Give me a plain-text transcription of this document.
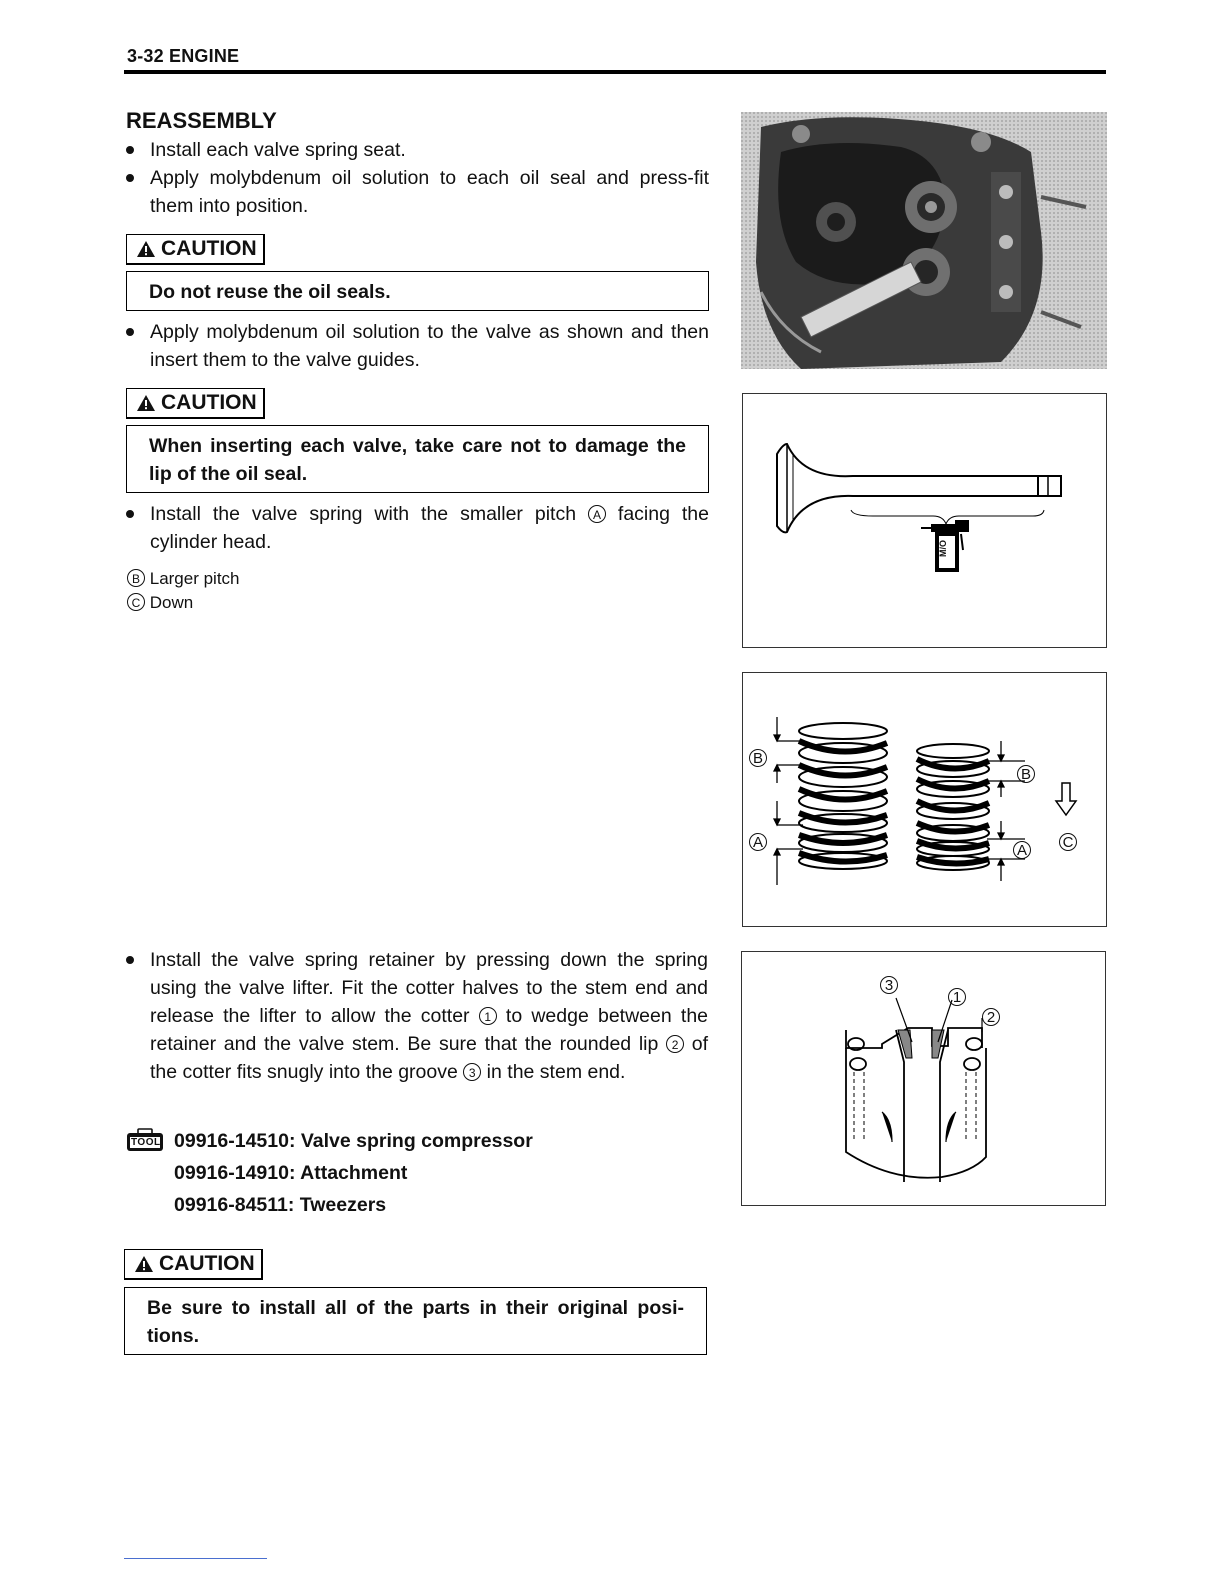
3-32 ENGINE
REASSEMBLY
Install each valve spring seat.
Apply molybdenum oil solution to each oil seal and press-fit them into position.
CAUTION
Do not reuse the oil seals.
Apply molybdenum oil solution to the valve as shown and then insert them to the valve guides.
CAUTION
When inserting each valve, take care not to damage the lip of the oil seal.
Install the valve spring with the smaller pitch A facing the cylinder head.
B Larger pitch
C Down
Install the valve spring retainer by pressing down the spring using the valve lifter. Fit the cotter halves to the stem end and release the lifter to allow the cotter 1 to wedge between the retainer and the valve stem. Be sure that the rounded lip 2 of the cotter fits snugly into the groove 3 in the stem end.
TOOL 09916-14510: Valve spring compressor
09916-14910: Attachment
09916-84511: Tweezers
CAUTION
Be sure to install all of the parts in their original posi-tions.
M/O
B
A
B
A C
3
1
2
